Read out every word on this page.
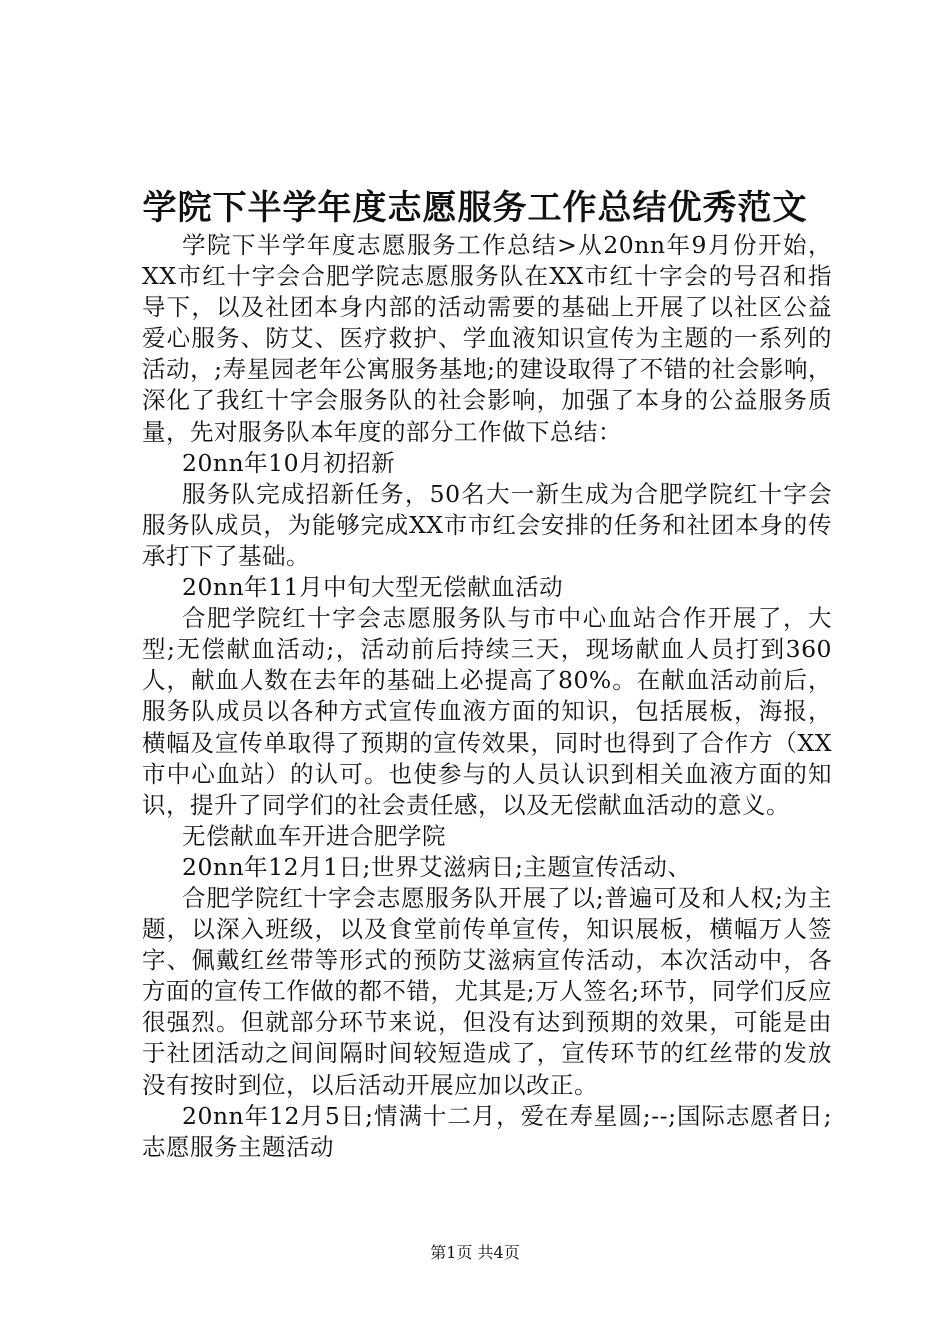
学院下半学年度志愿服务工作总结优秀范文

学院下半学年度志愿服务工作总结>从20nn年9月份开始，XX市红十字会合肥学院志愿服务队在XX市红十字会的号召和指导下，以及社团本身内部的活动需要的基础上开展了以社区公益爱心服务、防艾、医疗救护、学血液知识宣传为主题的一系列的活动，;寿星园老年公寓服务基地;的建设取得了不错的社会影响，深化了我红十字会服务队的社会影响，加强了本身的公益服务质量，先对服务队本年度的部分工作做下总结：

20nn年10月初招新

服务队完成招新任务，50名大一新生成为合肥学院红十字会服务队成员，为能够完成XX市市红会安排的任务和社团本身的传承打下了基础。

20nn年11月中旬大型无偿献血活动

合肥学院红十字会志愿服务队与市中心血站合作开展了，大型;无偿献血活动;，活动前后持续三天，现场献血人员打到360人，献血人数在去年的基础上必提高了80%。在献血活动前后，服务队成员以各种方式宣传血液方面的知识，包括展板，海报，横幅及宣传单取得了预期的宣传效果，同时也得到了合作方（XX市中心血站）的认可。也使参与的人员认识到相关血液方面的知识，提升了同学们的社会责任感，以及无偿献血活动的意义。

无偿献血车开进合肥学院

20nn年12月1日;世界艾滋病日;主题宣传活动、

合肥学院红十字会志愿服务队开展了以;普遍可及和人权;为主题，以深入班级，以及食堂前传单宣传，知识展板，横幅万人签字、佩戴红丝带等形式的预防艾滋病宣传活动，本次活动中，各方面的宣传工作做的都不错，尤其是;万人签名;环节，同学们反应很强烈。但就部分环节来说，但没有达到预期的效果，可能是由于社团活动之间间隔时间较短造成了，宣传环节的红丝带的发放没有按时到位，以后活动开展应加以改正。

20nn年12月5日;情满十二月，爱在寿星圆;--;国际志愿者日;志愿服务主题活动

第1页 共4页
